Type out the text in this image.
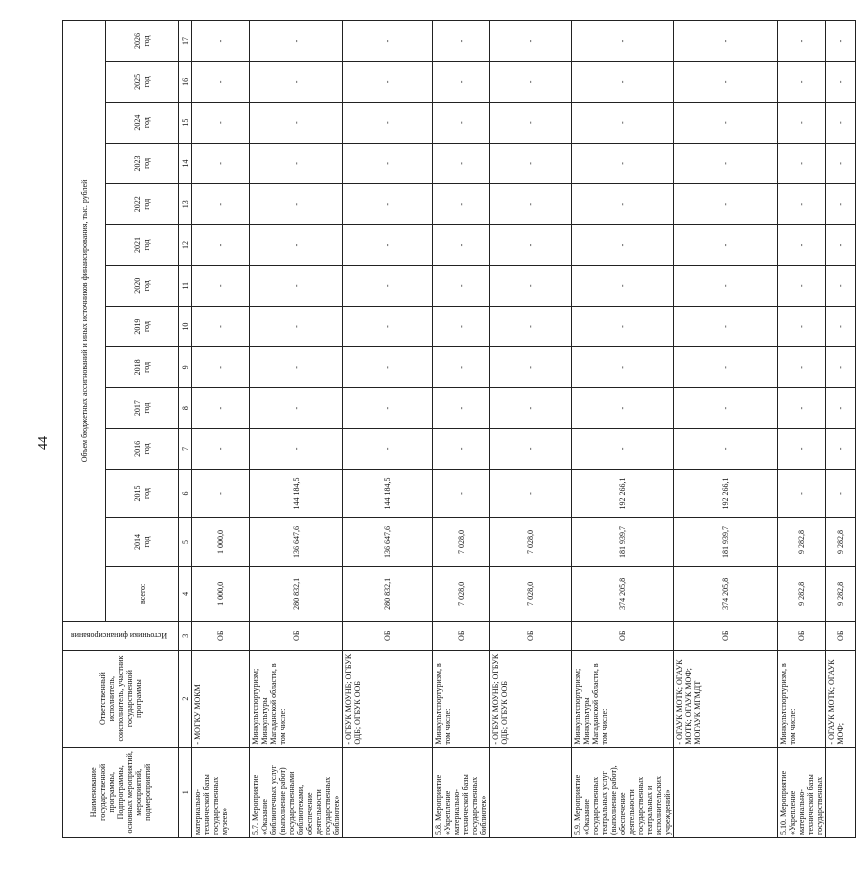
44
Наименование государственной программы, Подпрограммы, основных мероприятий, мероприятий, подмероприятий	Ответственный исполнитель, соисполнитель, участник государственной программы	Источники финансирования	Объем бюджетных ассигнований и иных источников финансирования, тыс. рублей													
			всего:	2014 год	2015 год	2016 год	2017 год	2018 год	2019 год	2020 год	2021 год	2022 год	2023 год	2024 год	2025 год	2026 год

1	2	3	4	5	6	7	8	9	10	11	12	13	14	15	16	17
материально-технической базы государственных музеев»	- МОГКУ МОКМ	ОБ	1 000,0	1 000,0	-	-	-	-	-	-	-	-	-	-	-	-
5.7. Мероприятие «Оказание библиотечных услуг (выполнение работ) государственными библиотеками, обеспечение деятельности государственных библиотек»	Минкультспортуризм; Минкультуры Магаданской области, в том числе:	ОБ	280 832,1	136 647,6	144 184,5	-	-	-	-	-	-	-	-	-	-	-
	- ОГБУК МОУНБ; ОГБУК ОДБ; ОГБУК ООБ	ОБ	280 832,1	136 647,6	144 184,5	-	-	-	-	-	-	-	-	-	-	-
5.8. Мероприятие «Укрепление материально-технической базы государственных библиотек»	Минкультспортуризм, в том числе:	ОБ	7 028,0	7 028,0	-	-	-	-	-	-	-	-	-	-	-	-
	- ОГБУК МОУНБ; ОГБУК ОДБ; ОГБУК ООБ	ОБ	7 028,0	7 028,0	-	-	-	-	-	-	-	-	-	-	-	-
5.9. Мероприятие «Оказание государственных театральных услуг (выполнение работ), обеспечение деятельности государственных театральных и исполнительских учреждений»	Минкультспортуризм; Минкультуры Магаданской области, в том числе:	ОБ	374 205,8	181 939,7	192 266,1	-	-	-	-	-	-	-	-	-	-	-
	- ОГАУК МОТК; ОГАУК МОТК; ОГАУК МОФ; МОГАУК МГМДТ	ОБ	374 205,8	181 939,7	192 266,1	-	-	-	-	-	-	-	-	-	-	-
5.10. Мероприятие «Укрепление материально-технической базы государственных	Минкультспортуризм, в том числе:	ОБ	9 282,8	9 282,8	-	-	-	-	-	-	-	-	-	-	-	-
	- ОГАУК МОТК; ОГАУК МОФ;	ОБ	9 282,8	9 282,8	-	-	-	-	-	-	-	-	-	-	-	-
